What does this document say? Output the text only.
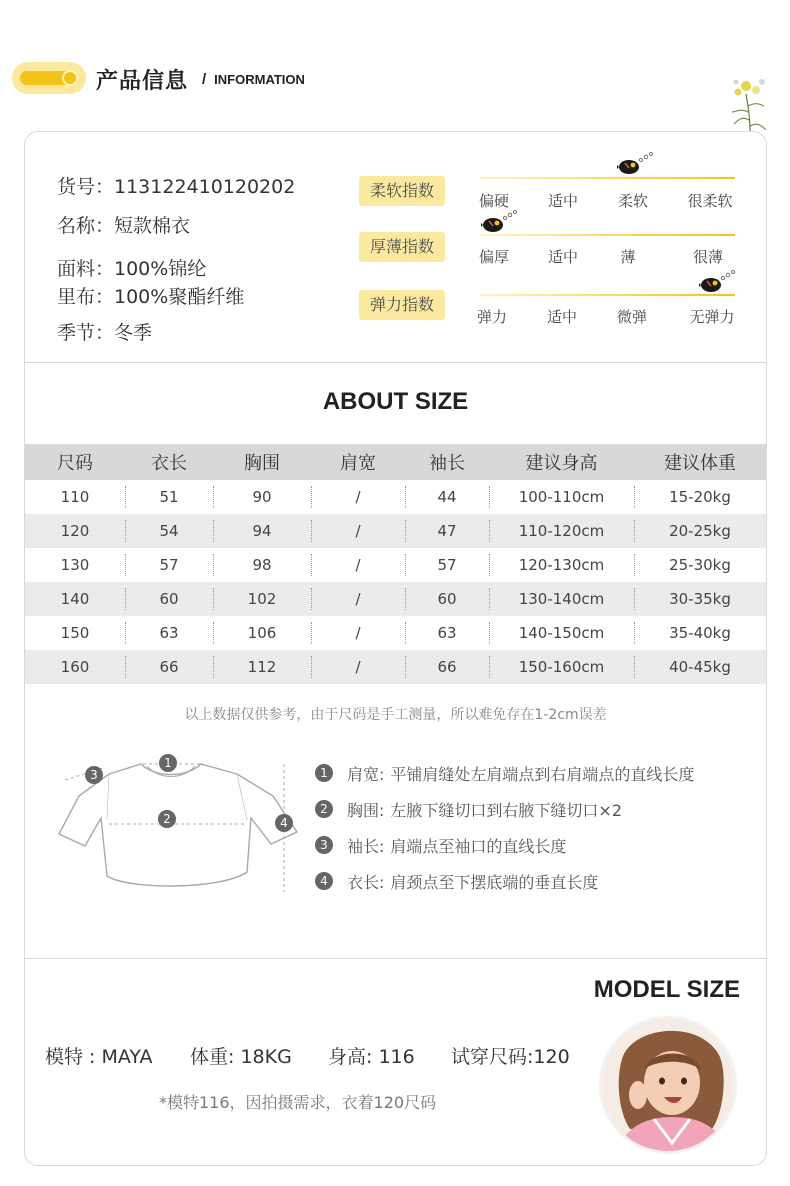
产品信息 / INFORMATION
货号：113122410120202
名称：短款棉衣
面料：100%锦纶
里布：100%聚酯纤维
季节：冬季
柔软指数
偏硬	适中	柔软	很柔软
厚薄指数
偏厚	适中	薄	很薄
弹力指数
弹力	适中	微弹	无弹力
ABOUT SIZE
尺码	衣长	胸围	肩宽	袖长	建议身高	建议体重
110	51	90	/	44	100-110cm	15-20kg
120	54	94	/	47	110-120cm	20-25kg
130	57	98	/	57	120-130cm	25-30kg
140	60	102	/	60	130-140cm	30-35kg
150	63	106	/	63	140-150cm	35-40kg
160	66	112	/	66	150-160cm	40-45kg
以上数据仅供参考，由于尺码是手工测量，所以难免存在1-2cm误差
1
2
3
4
1	肩宽: 平铺肩缝处左肩端点到右肩端点的直线长度
2	胸围: 左腋下缝切口到右腋下缝切口×2
3	袖长: 肩端点至袖口的直线长度
4	衣长: 肩颈点至下摆底端的垂直长度
MODEL SIZE
模特 : MAYA 体重: 18KG 身高: 116 试穿尺码:120
*模特116，因拍摄需求，衣着120尺码
